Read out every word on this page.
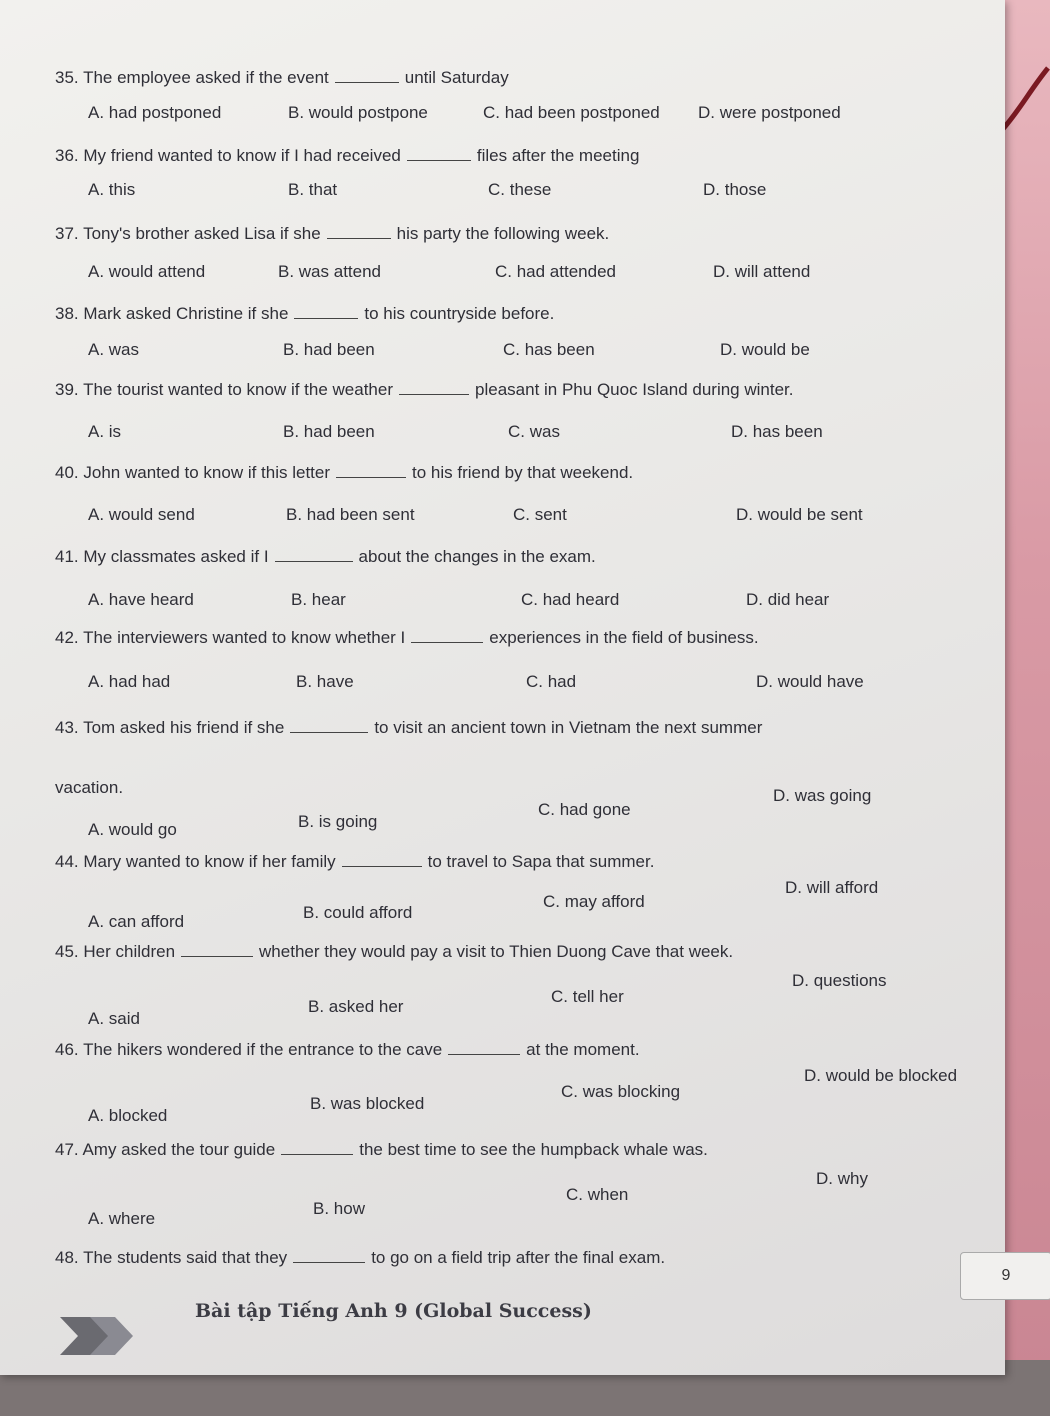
35. The employee asked if the event	until Saturday
A. had postponed	B. would postpone	C. had been postponed D. were postponed
36. My friend wanted to know if I had received	files after the meeting
A. this	B. that	C. these	D. those
37. Tony's brother asked Lisa if she	his party the following week.
A. would attend	B. was attend	C. had attended	D. will attend
38. Mark asked Christine if she	to his countryside before.
A. was	B. had been	C. has been	D. would be
39. The tourist wanted to know if the weather	pleasant in Phu Quoc Island during winter.
A. is	B. had been	C. was	D. has been
40. John wanted to know if this letter	to his friend by that weekend.
A. would send	B. had been sent	C. sent	D. would be sent
41. My classmates asked if I	about the changes in the exam.
A. have heard	B. hear	C. had heard	D. did hear
42. The interviewers wanted to know whether I	experiences in the field of business.
A. had had	B. have	C. had	D. would have
43. Tom asked his friend if she	to visit an ancient town in Vietnam the next summer
vacation.
A. would go	B. is going
C. had gone
D. was going
44. Mary wanted to know if her family	to travel to Sapa that summer.
A. can afford	B. could afford
C. may afford
D. will afford
45. Her children	whether they would pay a visit to Thien Duong Cave that week.
A. said
B. asked her
C. tell her
D. questions
46. The hikers wondered if the entrance to the cave	at the moment.
A. blocked
B. was blocked
C. was blocking
D. would be blocked
47. Amy asked the tour guide	the best time to see the humpback whale was.
A. where
B. how
C. when
D. why
48. The students said that they	to go on a field trip after the final exam.
Bài tập Tiếng Anh 9 (Global Success)
9
